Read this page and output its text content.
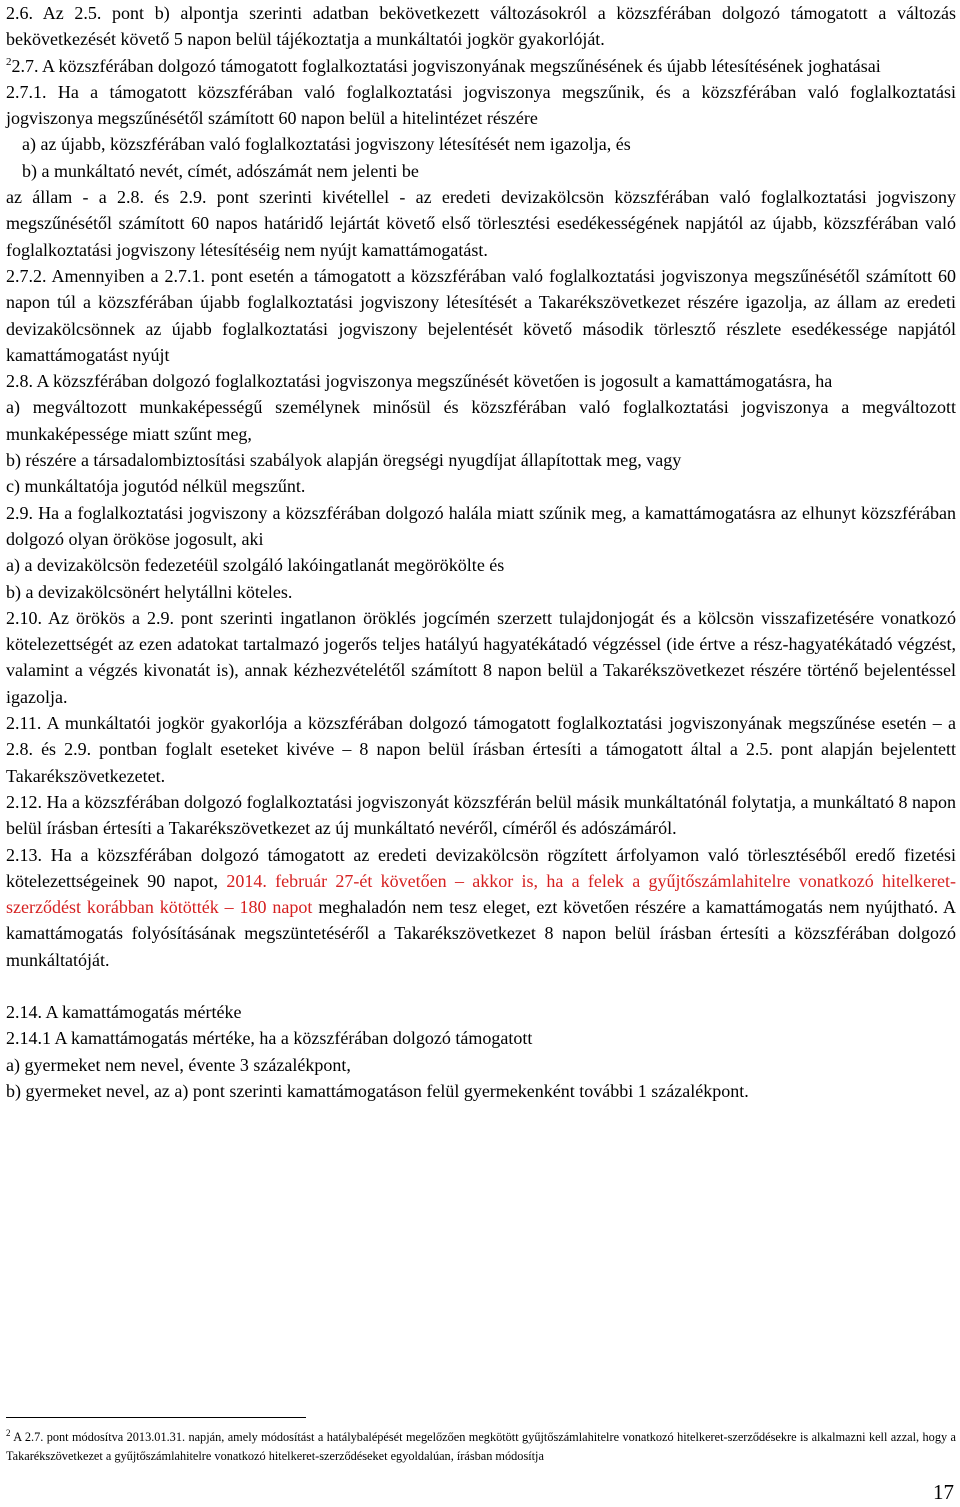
2.6. Az 2.5. pont b) alpontja szerinti adatban bekövetkezett változásokról a közszférában dolgozó támogatott a változás bekövetkezését követő 5 napon belül tájékoztatja a munkáltatói jogkör gyakorlóját.

$^2$2.7. A közszférában dolgozó támogatott foglalkoztatási jogviszonyának megszűnésének és újabb létesítésének joghatásai

2.7.1. Ha a támogatott közszférában való foglalkoztatási jogviszonya megszűnik, és a közszférában való foglalkoztatási jogviszonya megszűnésétől számított 60 napon belül a hitelintézet részére

a) az újabb, közszférában való foglalkoztatási jogviszony létesítését nem igazolja, és

b) a munkáltató nevét, címét, adószámát nem jelenti be

az állam - a 2.8. és 2.9. pont szerinti kivétellel - az eredeti devizakölcsön közszférában való foglalkoztatási jogviszony megszűnésétől számított 60 napos határidő lejártát követő első törlesztési esedékességének napjától az újabb, közszférában való foglalkoztatási jogviszony létesítéséig nem nyújt kamattámogatást.

2.7.2. Amennyiben a 2.7.1. pont esetén a támogatott a közszférában való foglalkoztatási jogviszonya megszűnésétől számított 60 napon túl a közszférában újabb foglalkoztatási jogviszony létesítését a Takarékszövetkezet részére igazolja, az állam az eredeti devizakölcsönnek az újabb foglalkoztatási jogviszony bejelentését követő második törlesztő részlete esedékessége napjától kamattámogatást nyújt

2.8. A közszférában dolgozó foglalkoztatási jogviszonya megszűnését követően is jogosult a kamattámogatásra, ha

a) megváltozott munkaképességű személynek minősül és közszférában való foglalkoztatási jogviszonya a megváltozott munkaképessége miatt szűnt meg,

b) részére a társadalombiztosítási szabályok alapján öregségi nyugdíjat állapítottak meg, vagy

c) munkáltatója jogutód nélkül megszűnt.

2.9. Ha a foglalkoztatási jogviszony a közszférában dolgozó halála miatt szűnik meg, a kamattámogatásra az elhunyt közszférában dolgozó olyan örököse jogosult, aki

a) a devizakölcsön fedezetéül szolgáló lakóingatlanát megörökölte és

b) a devizakölcsönért helytállni köteles.

2.10. Az örökös a 2.9. pont szerinti ingatlanon öröklés jogcímén szerzett tulajdonjogát és a kölcsön visszafizetésére vonatkozó kötelezettségét az ezen adatokat tartalmazó jogerős teljes hatályú hagyatékátadó végzéssel (ide értve a rész-hagyatékátadó végzést, valamint a végzés kivonatát is), annak kézhezvételétől számított 8 napon belül a Takarékszövetkezet részére történő bejelentéssel igazolja.

2.11. A munkáltatói jogkör gyakorlója a közszférában dolgozó támogatott foglalkoztatási jogviszonyának megszűnése esetén – a 2.8. és 2.9. pontban foglalt eseteket kivéve – 8 napon belül írásban értesíti a támogatott által a 2.5. pont alapján bejelentett Takarékszövetkezetet.

2.12. Ha a közszférában dolgozó foglalkoztatási jogviszonyát közszférán belül másik munkáltatónál folytatja, a munkáltató 8 napon belül írásban értesíti a Takarékszövetkezet az új munkáltató nevéről, címéről és adószámáról.

2.13. Ha a közszférában dolgozó támogatott az eredeti devizakölcsön rögzített árfolyamon való törlesztéséből eredő fizetési kötelezettségeinek 90 napot, 2014. február 27-ét követően – akkor is, ha a felek a gyűjtőszámlahitelre vonatkozó hitelkeret-szerződést korábban kötötték – 180 napot meghaladón nem tesz eleget, ezt követően részére a kamattámogatás nem nyújtható. A kamattámogatás folyósításának megszüntetéséről a Takarékszövetkezet 8 napon belül írásban értesíti a közszférában dolgozó munkáltatóját.

2.14. A kamattámogatás mértéke

2.14.1 A kamattámogatás mértéke, ha a közszférában dolgozó támogatott

a) gyermeket nem nevel, évente 3 százalékpont,

b) gyermeket nevel, az a) pont szerinti kamattámogatáson felül gyermekenként további 1 százalékpont.

$^2$ A 2.7. pont módosítva 2013.01.31. napján, amely módosítást a hatálybalépését megelőzően megkötött gyűjtőszámlahitelre vonatkozó hitelkeret-szerződésekre is alkalmazni kell azzal, hogy a Takarékszövetkezet a gyűjtőszámlahitelre vonatkozó hitelkeret-szerződéseket egyoldalúan, írásban módosítja
17
